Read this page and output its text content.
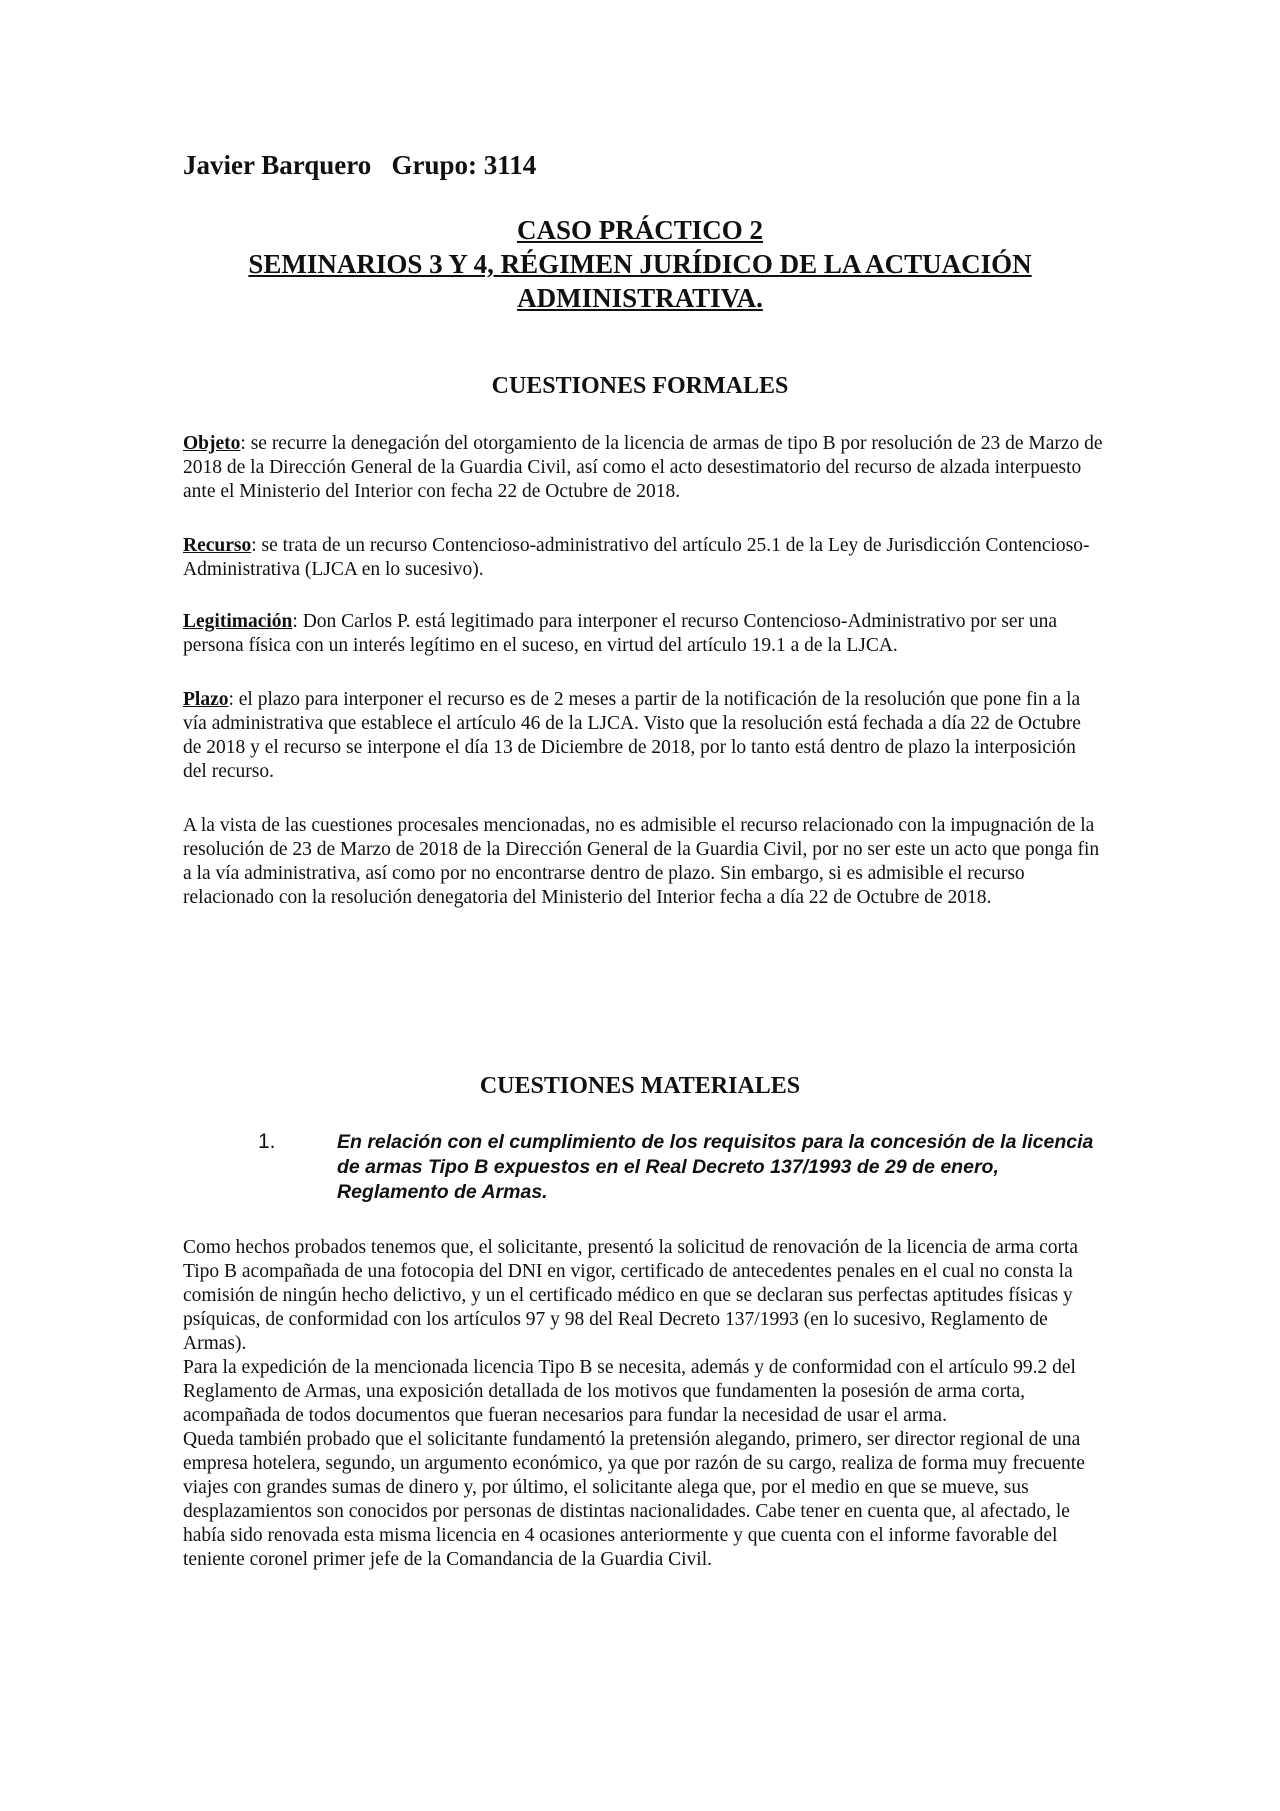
Javier Barquero Grupo: 3114
CASO PRÁCTICO 2
SEMINARIOS 3 Y 4, RÉGIMEN JURÍDICO DE LA ACTUACIÓN
ADMINISTRATIVA.
CUESTIONES FORMALES
Objeto: se recurre la denegación del otorgamiento de la licencia de armas de tipo B por resolución de 23 de Marzo de 2018 de la Dirección General de la Guardia Civil, así como el acto desestimatorio del recurso de alzada interpuesto ante el Ministerio del Interior con fecha 22 de Octubre de 2018.
Recurso: se trata de un recurso Contencioso-administrativo del artículo 25.1 de la Ley de Jurisdicción Contencioso-Administrativa (LJCA en lo sucesivo).
Legitimación: Don Carlos P. está legitimado para interponer el recurso Contencioso-Administrativo por ser una persona física con un interés legítimo en el suceso, en virtud del artículo 19.1 a de la LJCA.
Plazo: el plazo para interponer el recurso es de 2 meses a partir de la notificación de la resolución que pone fin a la vía administrativa que establece el artículo 46 de la LJCA. Visto que la resolución está fechada a día 22 de Octubre de 2018 y el recurso se interpone el día 13 de Diciembre de 2018, por lo tanto está dentro de plazo la interposición del recurso.
A la vista de las cuestiones procesales mencionadas, no es admisible el recurso relacionado con la impugnación de la resolución de 23 de Marzo de 2018 de la Dirección General de la Guardia Civil, por no ser este un acto que ponga fin a la vía administrativa, así como por no encontrarse dentro de plazo. Sin embargo, si es admisible el recurso relacionado con la resolución denegatoria del Ministerio del Interior fecha a día 22 de Octubre de 2018.
CUESTIONES MATERIALES
1.	En relación con el cumplimiento de los requisitos para la concesión de la licencia de armas Tipo B expuestos en el Real Decreto 137/1993 de 29 de enero, Reglamento de Armas.
Como hechos probados tenemos que, el solicitante, presentó la solicitud de renovación de la licencia de arma corta Tipo B acompañada de una fotocopia del DNI en vigor, certificado de antecedentes penales en el cual no consta la comisión de ningún hecho delictivo, y un el certificado médico en que se declaran sus perfectas aptitudes físicas y psíquicas, de conformidad con los artículos 97 y 98 del Real Decreto 137/1993 (en lo sucesivo, Reglamento de Armas).
Para la expedición de la mencionada licencia Tipo B se necesita, además y de conformidad con el artículo 99.2 del Reglamento de Armas, una exposición detallada de los motivos que fundamenten la posesión de arma corta, acompañada de todos documentos que fueran necesarios para fundar la necesidad de usar el arma.
Queda también probado que el solicitante fundamentó la pretensión alegando, primero, ser director regional de una empresa hotelera, segundo, un argumento económico, ya que por razón de su cargo, realiza de forma muy frecuente viajes con grandes sumas de dinero y, por último, el solicitante alega que, por el medio en que se mueve, sus desplazamientos son conocidos por personas de distintas nacionalidades. Cabe tener en cuenta que, al afectado, le había sido renovada esta misma licencia en 4 ocasiones anteriormente y que cuenta con el informe favorable del teniente coronel primer jefe de la Comandancia de la Guardia Civil.
